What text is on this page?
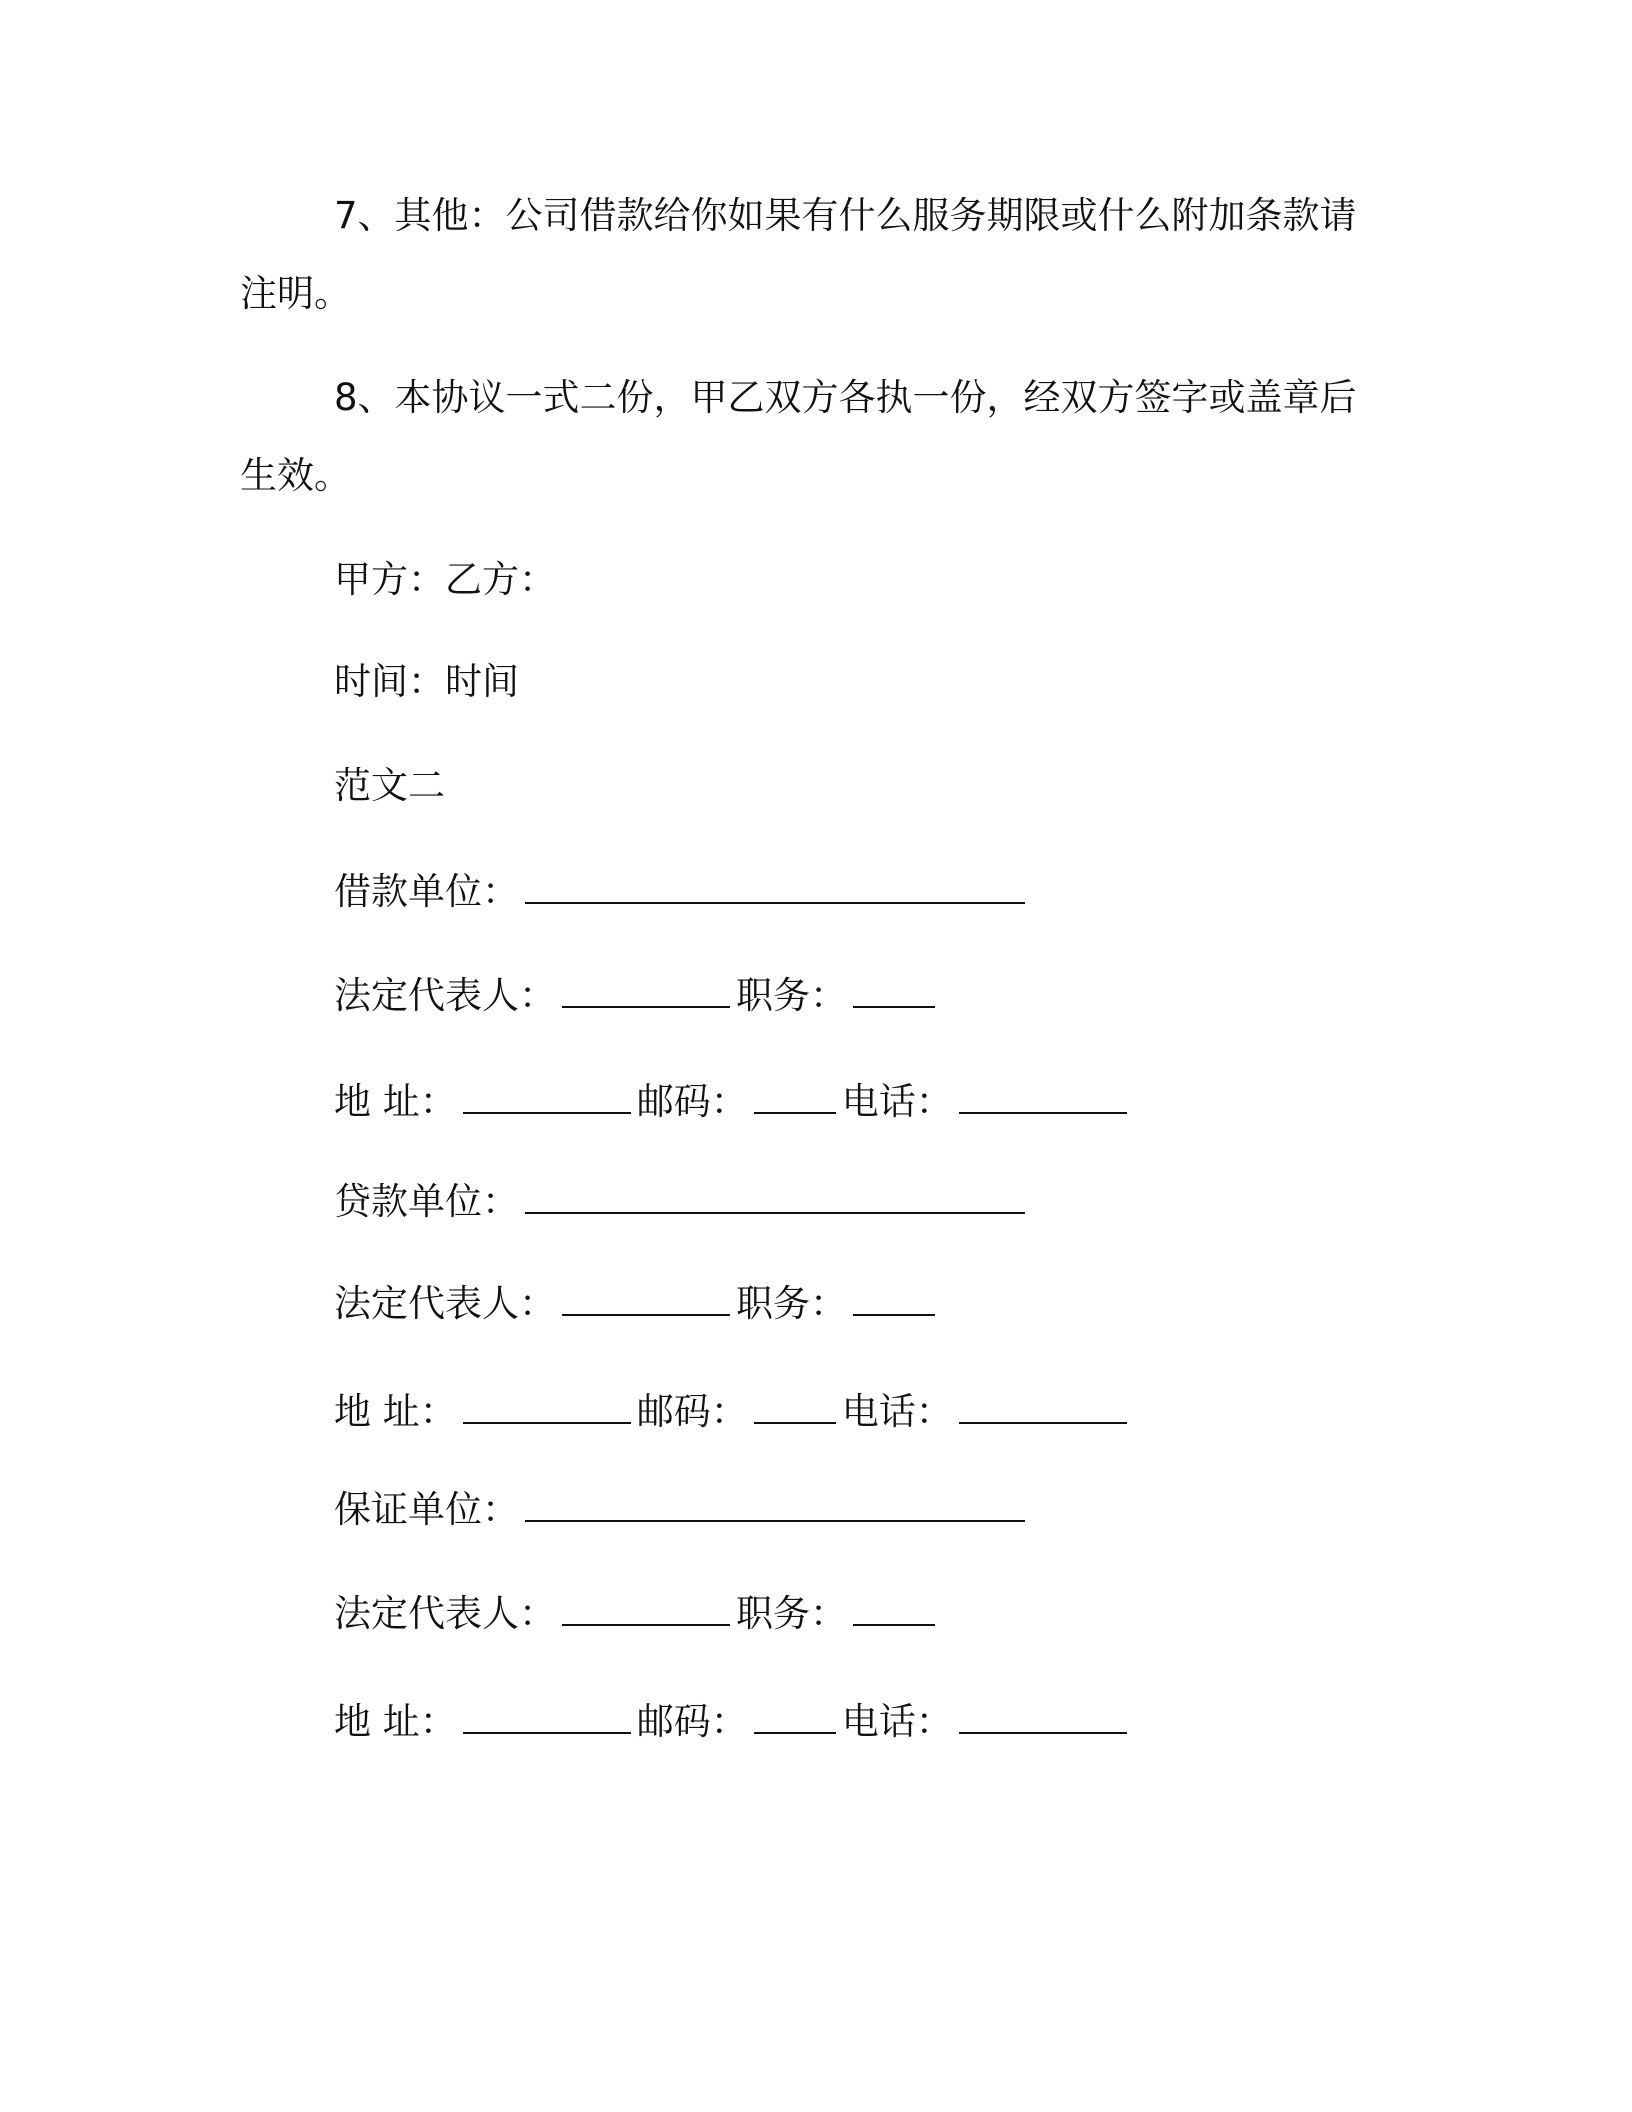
7、其他：公司借款给你如果有什么服务期限或什么附加条款请
注明。
8、本协议一式二份，甲乙双方各执一份，经双方签字或盖章后
生效。
甲方：乙方：
时间：时间
范文二
借款单位：
法定代表人：	职务：
地 址：	邮码：	电话：
贷款单位：
法定代表人：	职务：
地 址：	邮码：	电话：
保证单位：
法定代表人：	职务：
地 址：	邮码：	电话：
